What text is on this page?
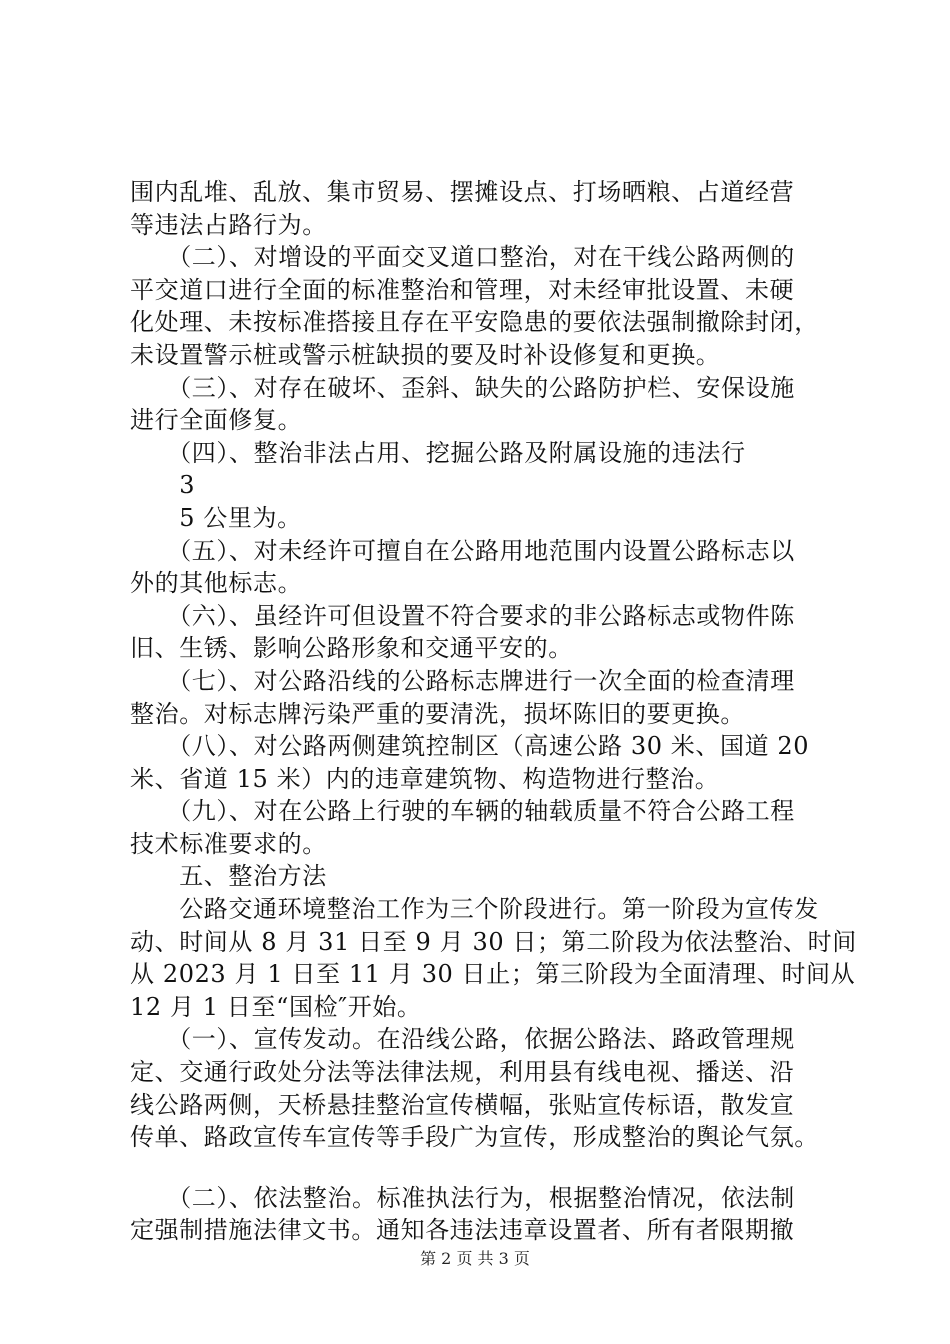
围内乱堆、乱放、集市贸易、摆摊设点、打场晒粮、占道经营
等违法占路行为。
　　（二）、对增设的平面交叉道口整治，对在干线公路两侧的
平交道口进行全面的标准整治和管理，对未经审批设置、未硬
化处理、未按标准搭接且存在平安隐患的要依法强制撤除封闭，
未设置警示桩或警示桩缺损的要及时补设修复和更换。
　　（三）、对存在破坏、歪斜、缺失的公路防护栏、安保设施
进行全面修复。
　　（四）、整治非法占用、挖掘公路及附属设施的违法行
　　3
　　5 公里为。
　　（五）、对未经许可擅自在公路用地范围内设置公路标志以
外的其他标志。
　　（六）、虽经许可但设置不符合要求的非公路标志或物件陈
旧、生锈、影响公路形象和交通平安的。
　　（七）、对公路沿线的公路标志牌进行一次全面的检查清理
整治。对标志牌污染严重的要清洗，损坏陈旧的要更换。
　　（八）、对公路两侧建筑控制区（高速公路 30 米、国道 20
米、省道 15 米）内的违章建筑物、构造物进行整治。
　　（九）、对在公路上行驶的车辆的轴载质量不符合公路工程
技术标准要求的。
　　五、整治方法
　　公路交通环境整治工作为三个阶段进行。第一阶段为宣传发
动、时间从 8 月 31 日至 9 月 30 日；第二阶段为依法整治、时间
从 2023 月 1 日至 11 月 30 日止；第三阶段为全面清理、时间从
12 月 1 日至“国检″开始。
　　（一）、宣传发动。在沿线公路，依据公路法、路政管理规
定、交通行政处分法等法律法规，利用县有线电视、播送、沿
线公路两侧，天桥悬挂整治宣传横幅，张贴宣传标语，散发宣
传单、路政宣传车宣传等手段广为宣传，形成整治的舆论气氛。
　　（二）、依法整治。标准执法行为，根据整治情况，依法制
定强制措施法律文书。通知各违法违章设置者、所有者限期撤
第 2 页 共 3 页
